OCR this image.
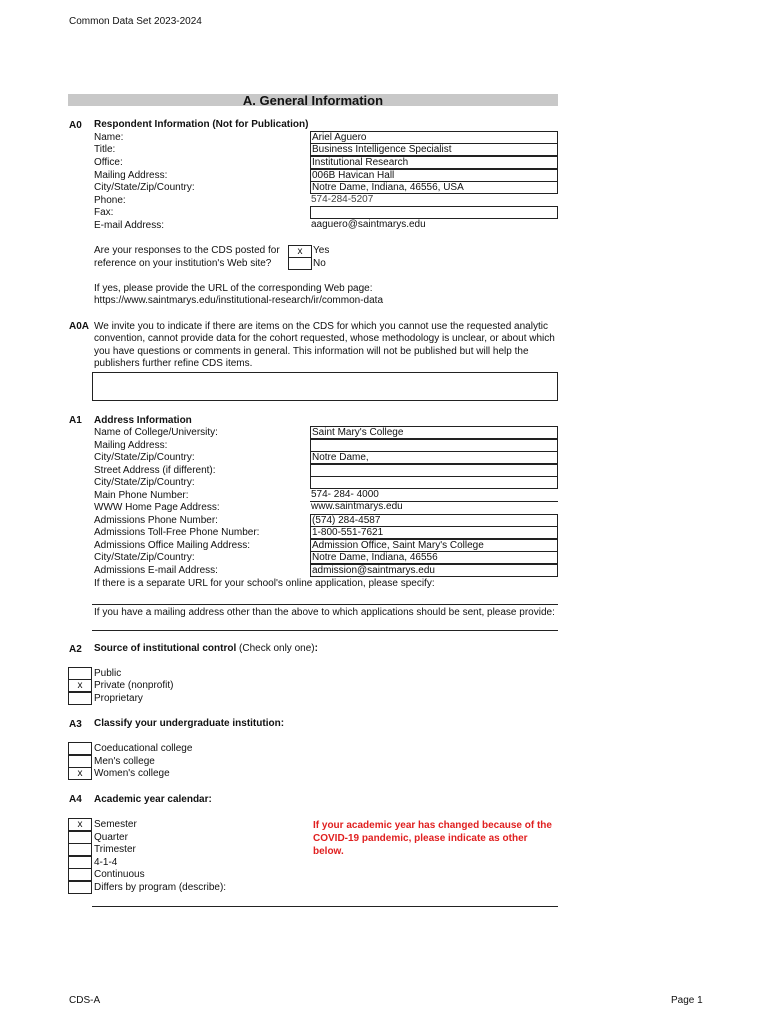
Common Data Set 2023-2024
A. General Information
A0 Respondent Information (Not for Publication)
Name:	Ariel Aguero
Title:	Business Intelligence Specialist
Office:	Institutional Research
Mailing Address:	006B Havican Hall
City/State/Zip/Country:	Notre Dame, Indiana, 46556, USA
Phone:	574-284-5207
Fax:
E-mail Address:	aaguero@saintmarys.edu
Are your responses to the CDS posted for
reference on your institution's Web site?
x	Yes
No
If yes, please provide the URL of the corresponding Web page:
https://www.saintmarys.edu/institutional-research/ir/common-data
A0A We invite you to indicate if there are items on the CDS for which you cannot use the requested analytic
convention, cannot provide data for the cohort requested, whose methodology is unclear, or about which
you have questions or comments in general. This information will not be published but will help the
publishers further refine CDS items.
A1 Address Information
Name of College/University:	Saint Mary's College
Mailing Address:
City/State/Zip/Country:	Notre Dame,
Street Address (if different):
City/State/Zip/Country:
Main Phone Number:	574- 284- 4000
WWW Home Page Address:	www.saintmarys.edu
Admissions Phone Number:	(574) 284-4587
Admissions Toll-Free Phone Number:	1-800-551-7621
Admissions Office Mailing Address:	Admission Office, Saint Mary's College
City/State/Zip/Country:	Notre Dame, Indiana, 46556
Admissions E-mail Address:	admission@saintmarys.edu
If there is a separate URL for your school's online application, please specify:
If you have a mailing address other than the above to which applications should be sent, please provide:
A2 Source of institutional control (Check only one):
Public
x	Private (nonprofit)
Proprietary
A3 Classify your undergraduate institution:
Coeducational college
Men's college
x	Women's college
A4 Academic year calendar:
x	Semester
Quarter
Trimester
4-1-4
Continuous
Differs by program (describe):
If your academic year has changed because of the
COVID-19 pandemic, please indicate as other
below.
CDS-A	Page 1
